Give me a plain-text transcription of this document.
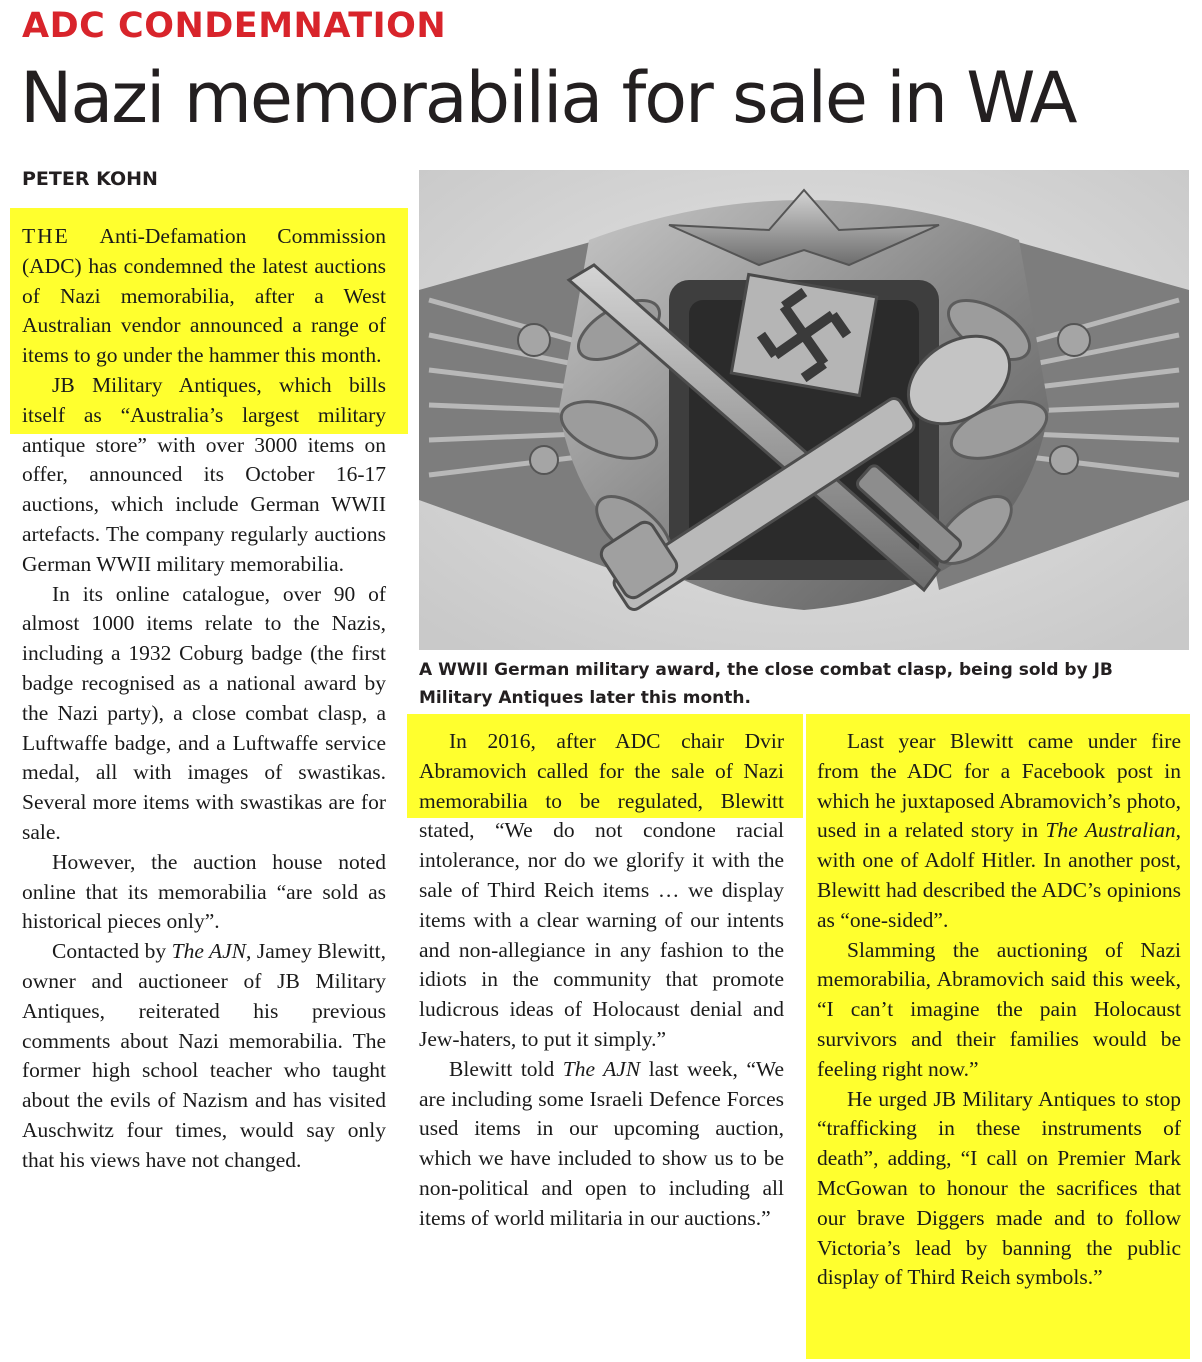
ADC CONDEMNATION
Nazi memorabilia for sale in WA
PETER KOHN

THE Anti-Defamation Commission (ADC) has condemned the latest auctions of Nazi memorabilia, after a West Australian vendor announced a range of items to go under the hammer this month.

JB Military Antiques, which bills itself as “Australia’s largest military antique store” with over 3000 items on offer, announced its October 16-17 auctions, which include German WWII artefacts. The company regularly auctions German WWII military memorabilia.

In its online catalogue, over 90 of almost 1000 items relate to the Nazis, including a 1932 Coburg badge (the first badge recognised as a national award by the Nazi party), a close combat clasp, a Luftwaffe badge, and a Luftwaffe service medal, all with images of swastikas. Several more items with swastikas are for sale.

However, the auction house noted online that its memorabilia “are sold as historical pieces only”.

Contacted by The AJN, Jamey Blewitt, owner and auctioneer of JB Military Antiques, reiterated his previous comments about Nazi memorabilia. The former high school teacher who taught about the evils of Nazism and has visited Auschwitz four times, would say only that his views have not changed.

A WWII German military award, the close combat clasp, being sold by JB Military Antiques later this month.

In 2016, after ADC chair Dvir Abramovich called for the sale of Nazi memorabilia to be regulated, Blewitt stated, “We do not condone racial intolerance, nor do we glorify it with the sale of Third Reich items … we display items with a clear warning of our intents and non-allegiance in any fashion to the idiots in the community that promote ludicrous ideas of Holocaust denial and Jew-haters, to put it simply.”

Blewitt told The AJN last week, “We are including some Israeli Defence Forces used items in our upcoming auction, which we have included to show us to be non-political and open to including all items of world militaria in our auctions.”

Last year Blewitt came under fire from the ADC for a Facebook post in which he juxtaposed Abramovich’s photo, used in a related story in The Australian, with one of Adolf Hitler. In another post, Blewitt had described the ADC’s opinions as “one-sided”.

Slamming the auctioning of Nazi memorabilia, Abramovich said this week, “I can’t imagine the pain Holocaust survivors and their families would be feeling right now.”

He urged JB Military Antiques to stop “trafficking in these instruments of death”, adding, “I call on Premier Mark McGowan to honour the sacrifices that our brave Diggers made and to follow Victoria’s lead by banning the public display of Third Reich symbols.”
